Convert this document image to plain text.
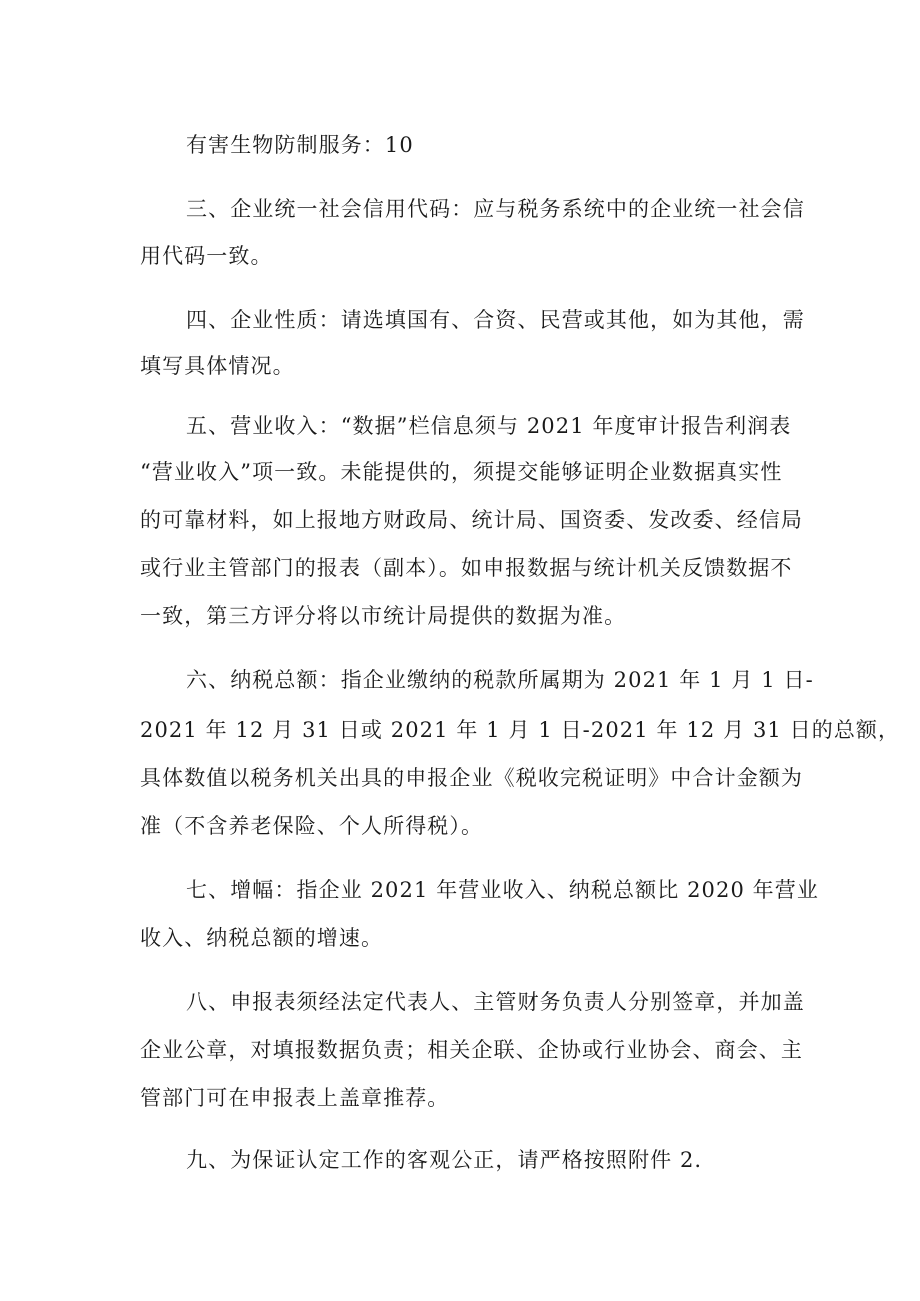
有害生物防制服务：10
三、企业统一社会信用代码：应与税务系统中的企业统一社会信
用代码一致。
四、企业性质：请选填国有、合资、民营或其他，如为其他，需
填写具体情况。
五、营业收入：“数据”栏信息须与 2021 年度审计报告利润表
“营业收入”项一致。未能提供的，须提交能够证明企业数据真实性
的可靠材料，如上报地方财政局、统计局、国资委、发改委、经信局
或行业主管部门的报表（副本）。如申报数据与统计机关反馈数据不
一致，第三方评分将以市统计局提供的数据为准。
六、纳税总额：指企业缴纳的税款所属期为 2021 年 1 月 1 日-
2021 年 12 月 31 日或 2021 年 1 月 1 日-2021 年 12 月 31 日的总额，
具体数值以税务机关出具的申报企业《税收完税证明》中合计金额为
准（不含养老保险、个人所得税）。
七、增幅：指企业 2021 年营业收入、纳税总额比 2020 年营业
收入、纳税总额的增速。
八、申报表须经法定代表人、主管财务负责人分别签章，并加盖
企业公章，对填报数据负责；相关企联、企协或行业协会、商会、主
管部门可在申报表上盖章推荐。
九、为保证认定工作的客观公正，请严格按照附件 2.
